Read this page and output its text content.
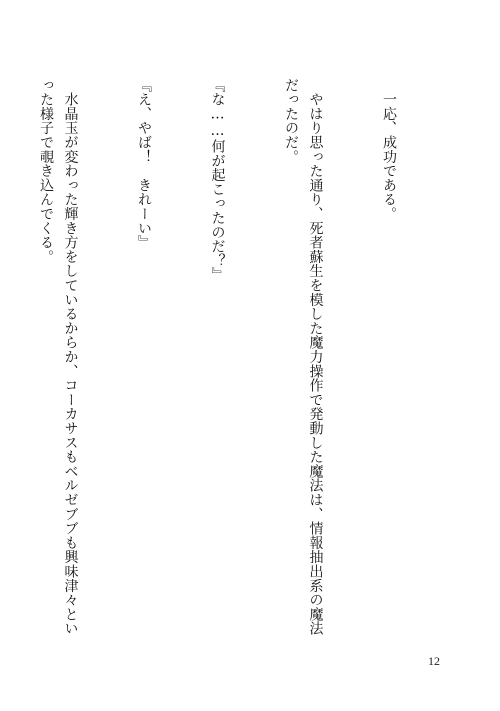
　一応、成功である。

　やはり思った通り、死者蘇生を模した魔力操作で発動した魔法は、情報抽出系の魔法だったのだ。

『な……何が起こったのだ？』

『え、やば！　きれーい』

　水晶玉が変わった輝き方をしているからか、コーカサスもベルゼブブも興味津々といった様子で覗き込んでくる。

12
